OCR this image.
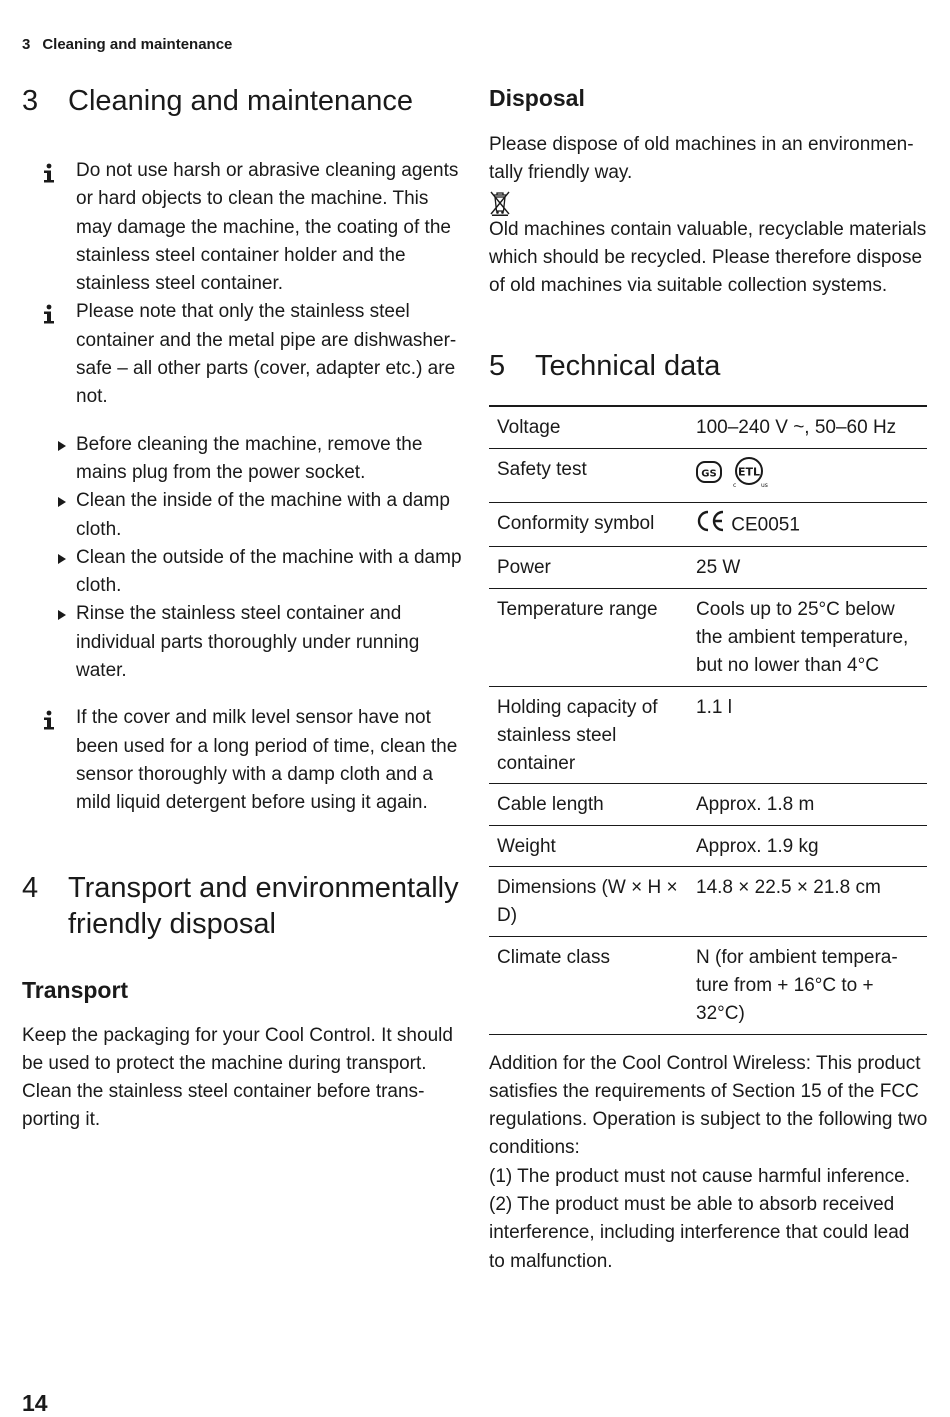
3 Cleaning and maintenance
3	Cleaning and maintenance
Do not use harsh or abrasive cleaning agents or hard objects to clean the machine. This may damage the machine, the coating of the stainless steel container holder and the stainless steel container.
Please note that only the stainless steel container and the metal pipe are dishwasher-safe – all other parts (cover, adapter etc.) are not.
Before cleaning the machine, remove the mains plug from the power socket.
Clean the inside of the machine with a damp cloth.
Clean the outside of the machine with a damp cloth.
Rinse the stainless steel container and individual parts thoroughly under running water.
If the cover and milk level sensor have not been used for a long period of time, clean the sensor thoroughly with a damp cloth and a mild liquid detergent before using it again.
4	Transport and environmentally friendly disposal
Transport

Keep the packaging for your Cool Control. It should be used to protect the machine during transport. Clean the stainless steel container before transporting it.

Disposal

Please dispose of old machines in an environmentally friendly way.

Old machines contain valuable, recyclable materials which should be recycled. Please therefore dispose of old machines via suitable collection systems.

5	Technical data
Voltage	100–240 V ~, 50–60 Hz
Safety test	GS
ETL
c us

Conformity symbol	CE0051
Power	25 W
Temperature range	Cools up to 25°C below the ambient temperature, but no lower than 4°C
Holding capacity of stainless steel container	1.1 l
Cable length	Approx. 1.8 m
Weight	Approx. 1.9 kg
Dimensions (W × H × D)	14.8 × 22.5 × 21.8 cm
Climate class	N (for ambient temperature from + 16°C to + 32°C)

Addition for the Cool Control Wireless: This product satisfies the requirements of Section 15 of the FCC regulations. Operation is subject to the following two conditions:

(1) The product must not cause harmful inference.

(2) The product must be able to absorb received interference, including interference that could lead to malfunction.

14
